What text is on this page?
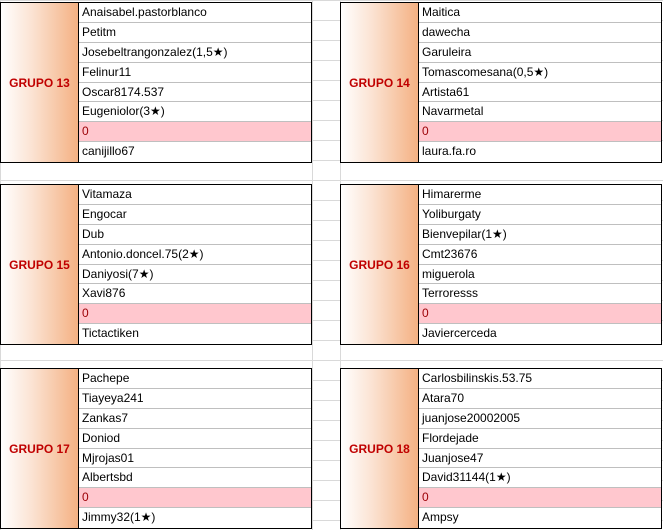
GRUPO 13
Anaisabel.pastorblanco
Petitm
Josebeltrangonzalez(1,5★)
Felinur11
Oscar8174.537
Eugeniolor(3★)
0
canijillo67
GRUPO 14
Maitica
dawecha
Garuleira
Tomascomesana(0,5★)
Artista61
Navarmetal
0
laura.fa.ro
GRUPO 15
Vitamaza
Engocar
Dub
Antonio.doncel.75(2★)
Daniyosi(7★)
Xavi876
0
Tictactiken
GRUPO 16
Himarerme
Yoliburgaty
Bienvepilar(1★)
Cmt23676
miguerola
Terroresss
0
Javiercerceda
GRUPO 17
Pachepe
Tiayeya241
Zankas7
Doniod
Mjrojas01
Albertsbd
0
Jimmy32(1★)
GRUPO 18
Carlosbilinskis.53.75
Atara70
juanjose20002005
Flordejade
Juanjose47
David31144(1★)
0
Ampsy
